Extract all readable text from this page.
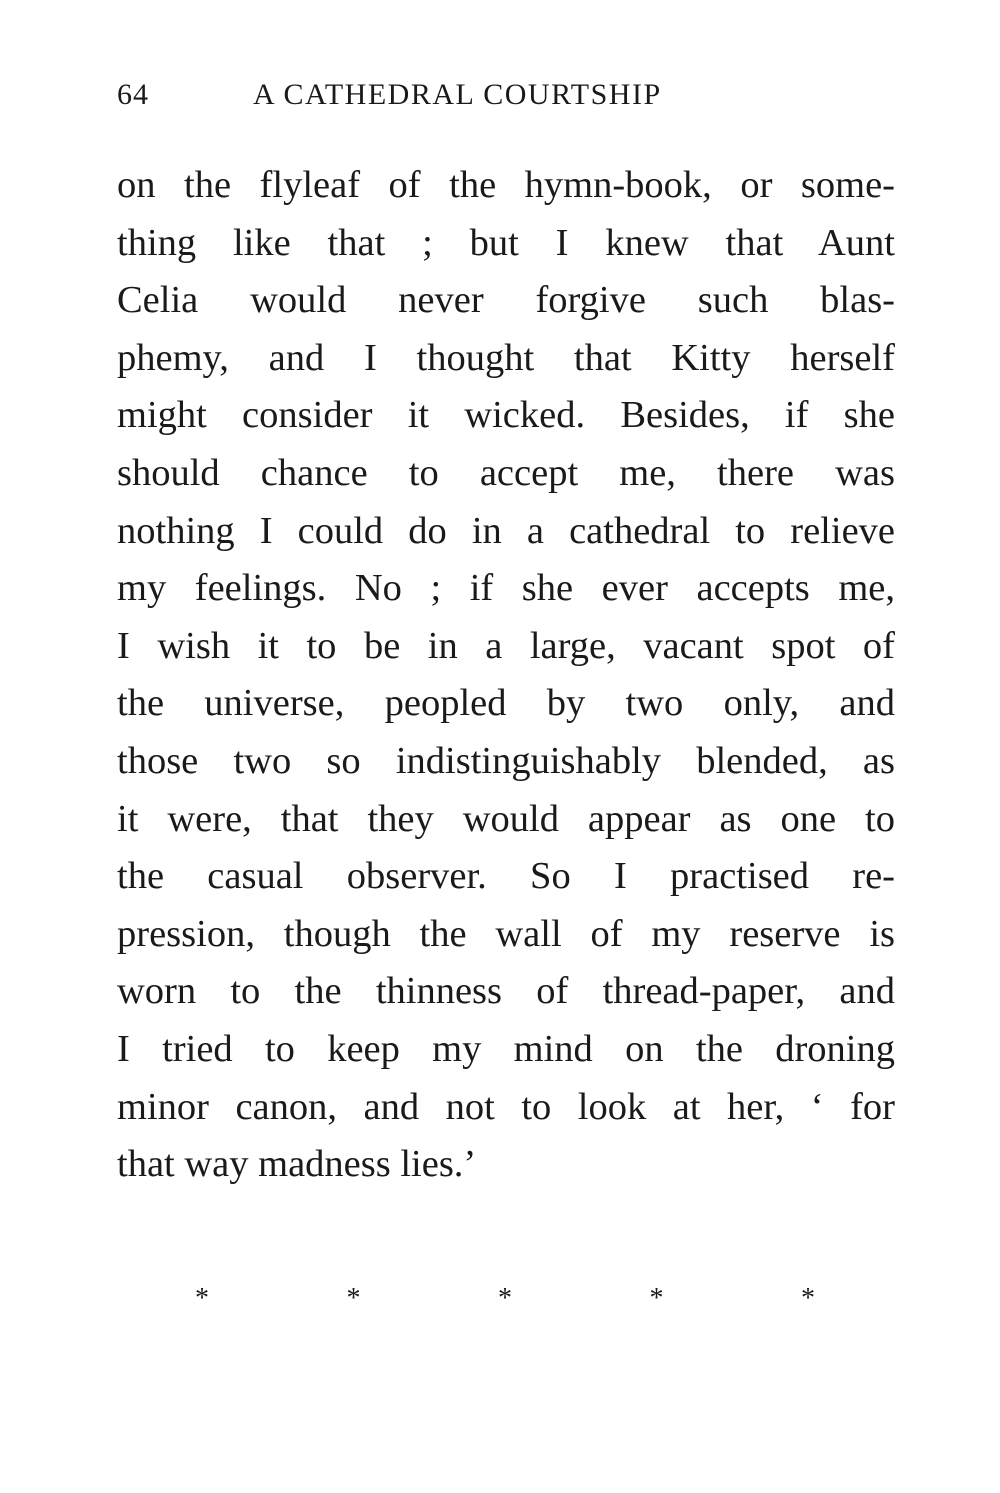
64	A CATHEDRAL COURTSHIP
on the flyleaf of the hymn-book, or some-
thing like that ; but I knew that Aunt
Celia would never forgive such blas-
phemy, and I thought that Kitty herself
might consider it wicked. Besides, if she
should chance to accept me, there was
nothing I could do in a cathedral to relieve
my feelings. No ; if she ever accepts me,
I wish it to be in a large, vacant spot of
the universe, peopled by two only, and
those two so indistinguishably blended, as
it were, that they would appear as one to
the casual observer. So I practised re-
pression, though the wall of my reserve is
worn to the thinness of thread-paper, and
I tried to keep my mind on the droning
minor canon, and not to look at her, ‘ for
that way madness lies.’
*	*	*	*	*
